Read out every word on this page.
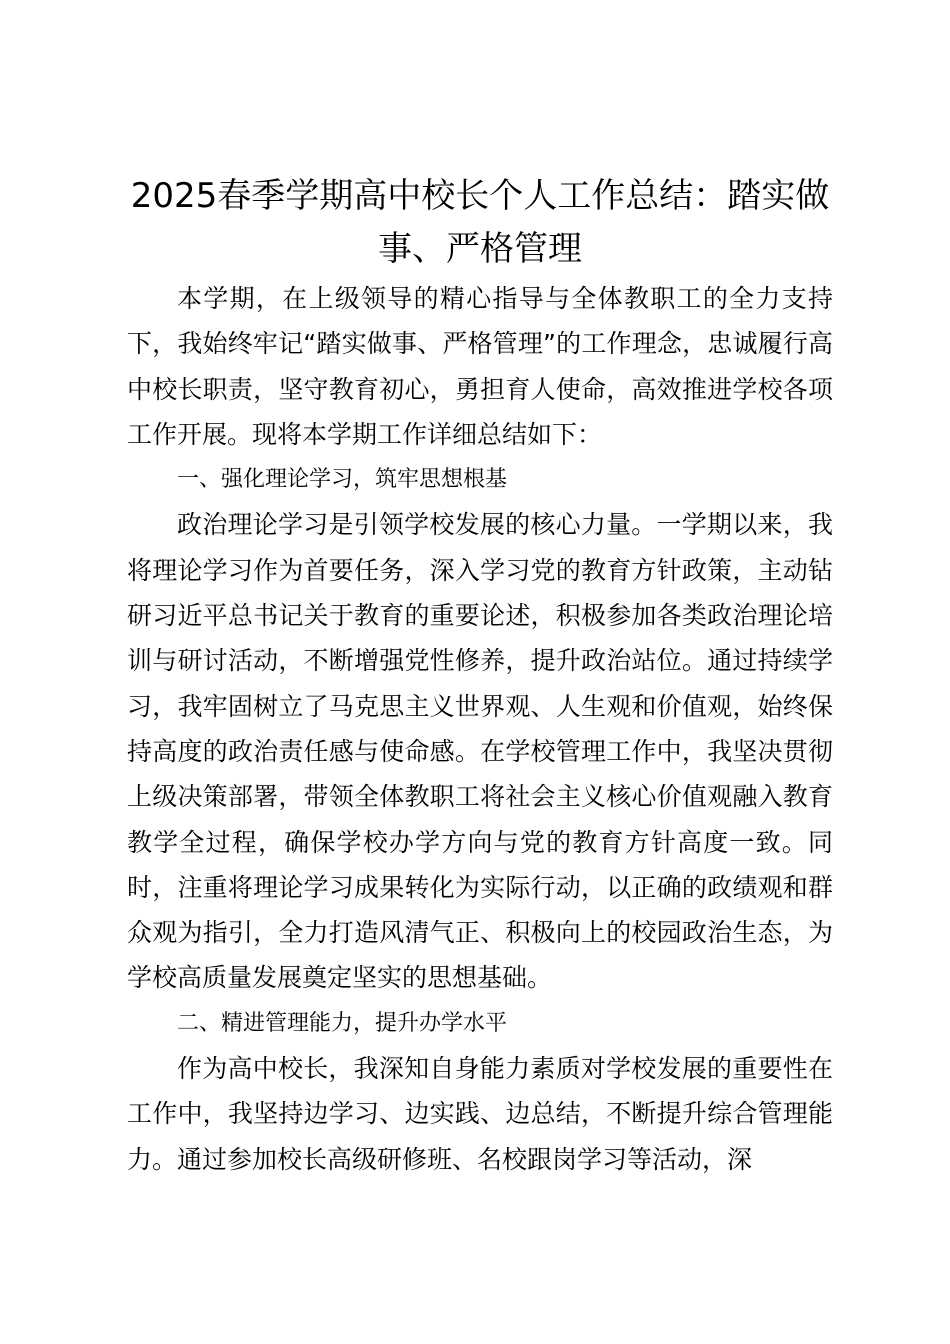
2025春季学期高中校长个人工作总结：踏实做事、严格管理

本学期，在上级领导的精心指导与全体教职工的全力支持下，我始终牢记“踏实做事、严格管理”的工作理念，忠诚履行高中校长职责，坚守教育初心，勇担育人使命，高效推进学校各项工作开展。现将本学期工作详细总结如下：

一、强化理论学习，筑牢思想根基

政治理论学习是引领学校发展的核心力量。一学期以来，我将理论学习作为首要任务，深入学习党的教育方针政策，主动钻研习近平总书记关于教育的重要论述，积极参加各类政治理论培训与研讨活动，不断增强党性修养，提升政治站位。通过持续学习，我牢固树立了马克思主义世界观、人生观和价值观，始终保持高度的政治责任感与使命感。在学校管理工作中，我坚决贯彻上级决策部署，带领全体教职工将社会主义核心价值观融入教育教学全过程，确保学校办学方向与党的教育方针高度一致。同时，注重将理论学习成果转化为实际行动，以正确的政绩观和群众观为指引，全力打造风清气正、积极向上的校园政治生态，为学校高质量发展奠定坚实的思想基础。

二、精进管理能力，提升办学水平

作为高中校长，我深知自身能力素质对学校发展的重要性在工作中，我坚持边学习、边实践、边总结，不断提升综合管理能力。通过参加校长高级研修班、名校跟岗学习等活动，深
